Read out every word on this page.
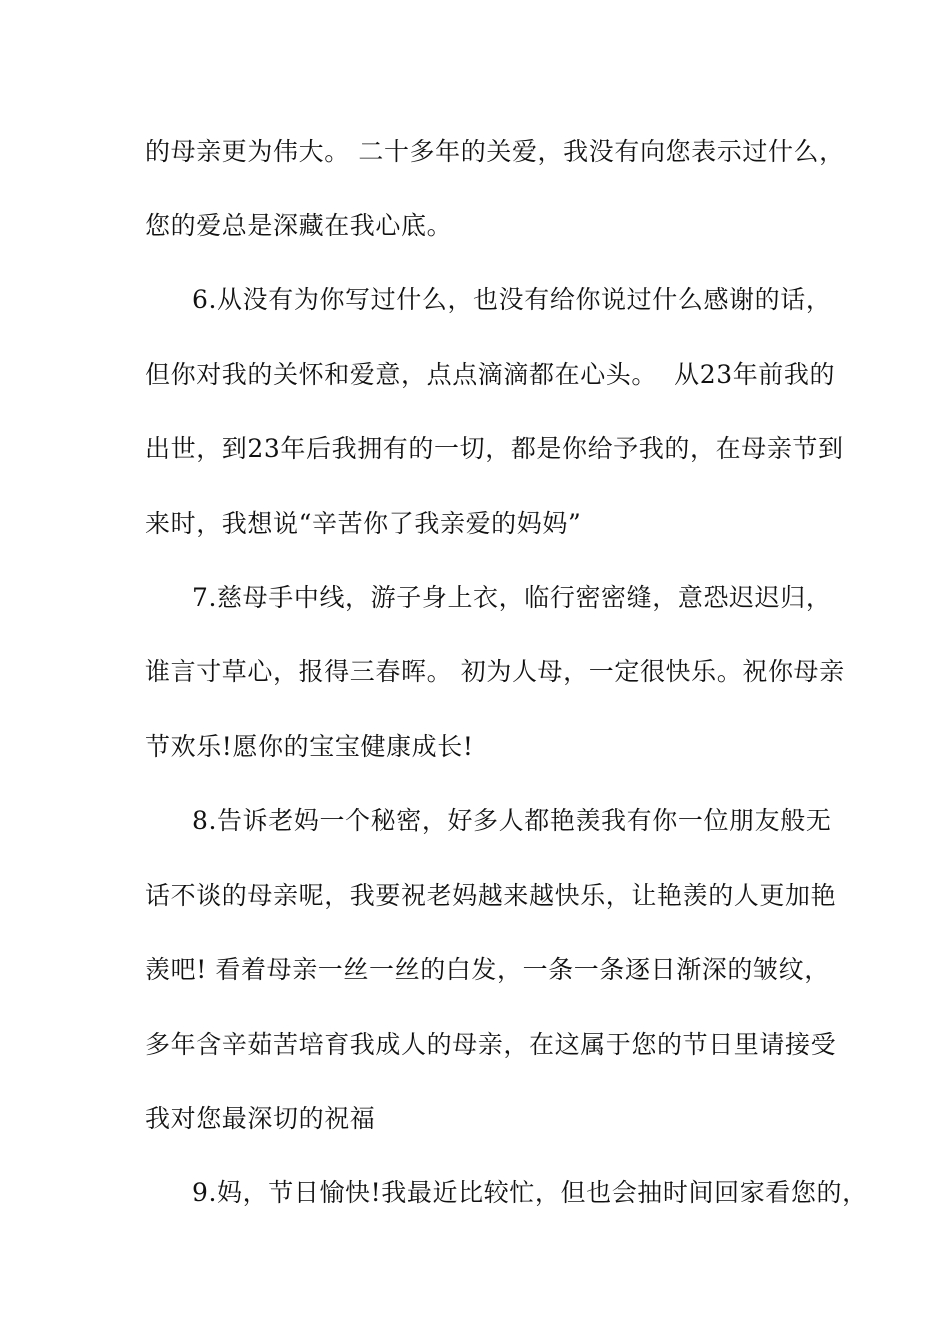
的母亲更为伟大。 二十多年的关爱，我没有向您表示过什么，
您的爱总是深藏在我心底。
6.从没有为你写过什么，也没有给你说过什么感谢的话，
但你对我的关怀和爱意，点点滴滴都在心头。  从23年前我的
出世，到23年后我拥有的一切，都是你给予我的，在母亲节到
来时，我想说“辛苦你了我亲爱的妈妈”
7.慈母手中线，游子身上衣，临行密密缝，意恐迟迟归，
谁言寸草心，报得三春晖。 初为人母，一定很快乐。祝你母亲
节欢乐!愿你的宝宝健康成长!
8.告诉老妈一个秘密，好多人都艳羡我有你一位朋友般无
话不谈的母亲呢，我要祝老妈越来越快乐，让艳羡的人更加艳
羡吧! 看着母亲一丝一丝的白发，一条一条逐日渐深的皱纹，
多年含辛茹苦培育我成人的母亲，在这属于您的节日里请接受
我对您最深切的祝福
9.妈，节日愉快!我最近比较忙，但也会抽时间回家看您的，
